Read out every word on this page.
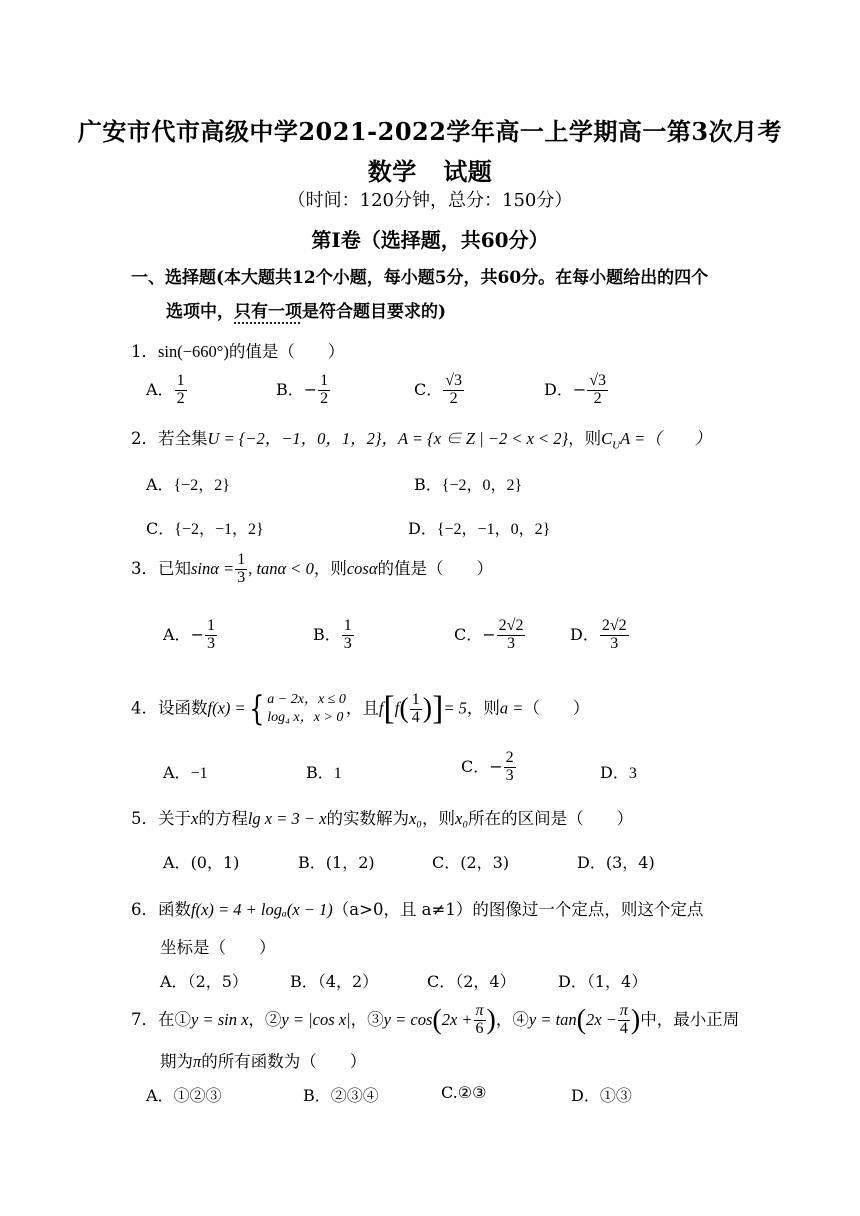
广安市代市高级中学2021-2022学年高一上学期高一第3次月考
数学   试题
（时间：120分钟，总分：150分）
第Ⅰ卷（选择题，共60分）
一、选择题(本大题共12个小题，每小题5分，共60分。在每小题给出的四个
选项中，只有一项是符合题目要求的)
1．sin(−660°)的值是（　　）
A． $\frac{1}{2}$	B．− $\frac{1}{2}$	C． $\frac{√3}{2}$	D．− $\frac{√3}{2}$
2．若全集U = {−2，−1，0，1，2}，A = {x ∈ Z | −2 < x < 2}，则$C_UA$ =（　　）
A．{−2，2}	B．{−2，0，2}
C．{−2，−1，2}	D．{−2，−1，0，2}
3．已知$\sin\alpha = \frac{1}{3}$ , tanα < 0，则cosα的值是（　　）
A．− $\frac{1}{3}$	B． $\frac{1}{3}$	C．− $\frac{2√2}{3}$	D． $\frac{2√2}{3}$
4．设函数f(x) ={ a − 2x，x ≤ 0
log₄ x，x > 0 ，且$f[f( \frac{1}{4}$ )]= 5，则a =（　　）
A．−1	B．1	C．− $\frac{2}{3}$	D．3
5．关于x的方程lg x = 3 − x的实数解为x₀，则x₀所在的区间是（　　）
A．(0，1)	B．(1，2)	C．(2，3)	D．(3，4)
6．函数f(x) = 4 + logₐ(x − 1)（a>0，且 a≠1）的图像过一个定点，则这个定点
坐标是（　　）
A．（2，5）	B．（4，2）	C．（2，4）	D．（1，4）
7．在①y = sin x，②y = |cos x|，③y = $\cos(2x + \frac{\pi}{6}$ )，④y = $\tan(2x - \frac{\pi}{4}$ )中，最小正周
期为π的所有函数为（　　）
A．①②③	B．②③④	C.②③	D．①③
